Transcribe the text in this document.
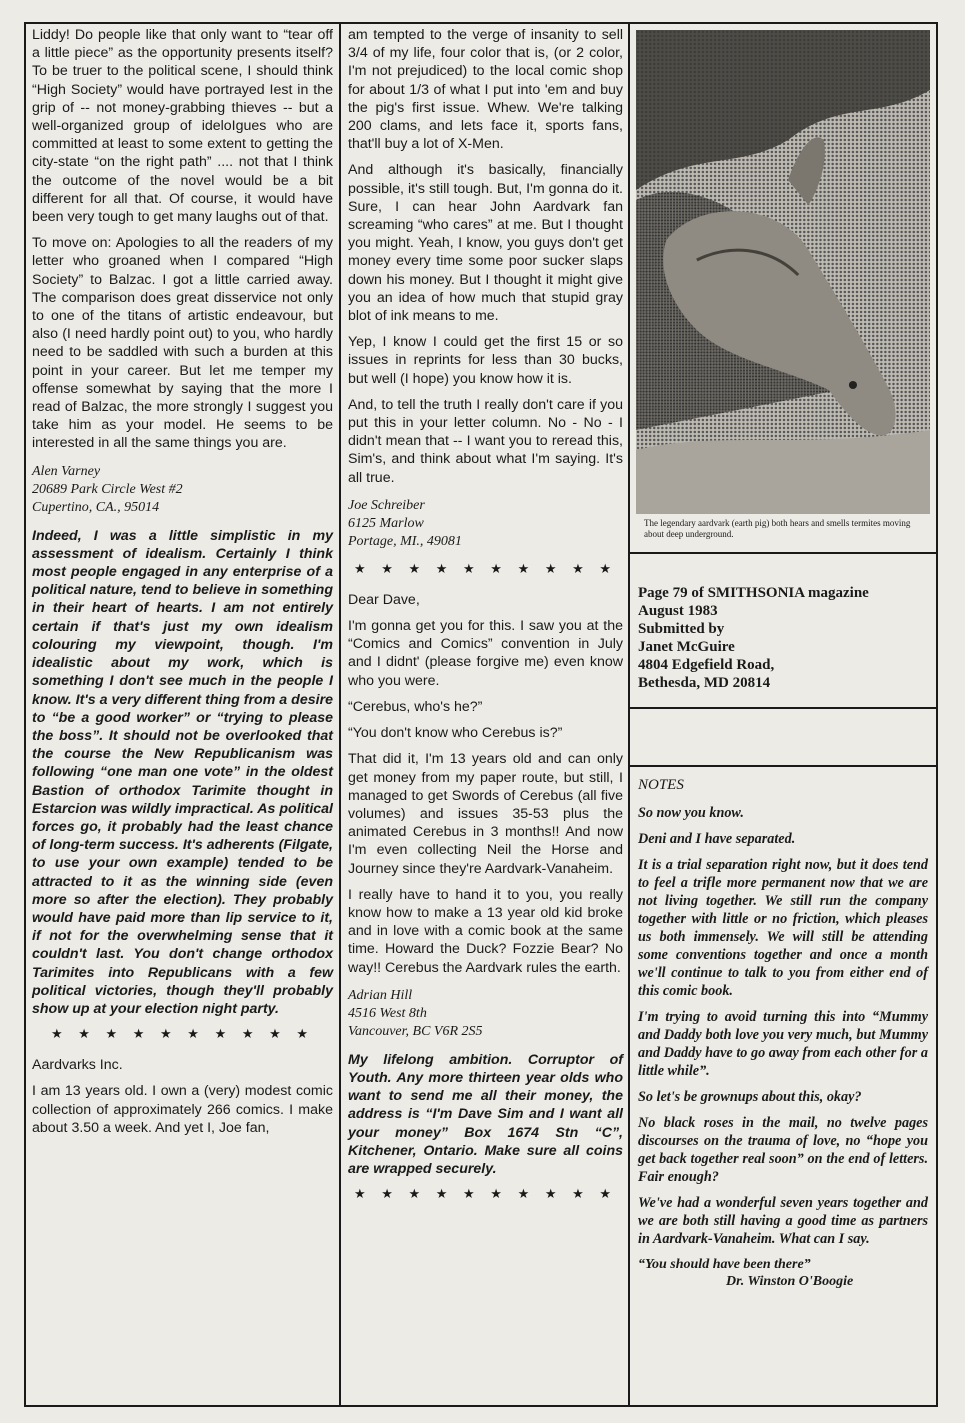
Liddy! Do people like that only want to “tear off a little piece” as the opportunity presents itself? To be truer to the political scene, I should think “High Society” would have portrayed Iest in the grip of -- not money-grabbing thieves -- but a well-organized group of ideloIgues who are committed at least to some extent to getting the city-state “on the right path” .... not that I think the outcome of the novel would be a bit different for all that. Of course, it would have been very tough to get many laughs out of that.

To move on: Apologies to all the readers of my letter who groaned when I compared “High Society” to Balzac. I got a little carried away. The comparison does great disservice not only to one of the titans of artistic endeavour, but also (I need hardly point out) to you, who hardly need to be saddled with such a burden at this point in your career. But let me temper my offense somewhat by saying that the more I read of Balzac, the more strongly I suggest you take him as your model. He seems to be interested in all the same things you are.

Alen Varney
20689 Park Circle West #2
Cupertino, CA., 95014

Indeed, I was a little simplistic in my assessment of idealism. Certainly I think most people engaged in any enterprise of a political nature, tend to believe in something in their heart of hearts. I am not entirely certain if that's just my own idealism colouring my viewpoint, though. I'm idealistic about my work, which is something I don't see much in the people I know. It's a very different thing from a desire to “be a good worker” or “trying to please the boss”. It should not be overlooked that the course the New Republicanism was following “one man one vote” in the oldest Bastion of orthodox Tarimite thought in Estarcion was wildly impractical. As political forces go, it probably had the least chance of long-term success. It's adherents (Filgate, to use your own example) tended to be attracted to it as the winning side (even more so after the election). They probably would have paid more than lip service to it, if not for the overwhelming sense that it couldn't last. You don't change orthodox Tarimites into Republicans with a few political victories, though they'll probably show up at your election night party.

★ ★ ★ ★ ★ ★ ★ ★ ★ ★

Aardvarks Inc.

I am 13 years old. I own a (very) modest comic collection of approximately 266 comics. I make about 3.50 a week. And yet I, Joe fan,

am tempted to the verge of insanity to sell 3/4 of my life, four color that is, (or 2 color, I'm not prejudiced) to the local comic shop for about 1/3 of what I put into 'em and buy the pig's first issue. Whew. We're talking 200 clams, and lets face it, sports fans, that'll buy a lot of X-Men.

And although it's basically, financially possible, it's still tough. But, I'm gonna do it. Sure, I can hear John Aardvark fan screaming “who cares” at me. But I thought you might. Yeah, I know, you guys don't get money every time some poor sucker slaps down his money. But I thought it might give you an idea of how much that stupid gray blot of ink means to me.

Yep, I know I could get the first 15 or so issues in reprints for less than 30 bucks, but well (I hope) you know how it is.

And, to tell the truth I really don't care if you put this in your letter column. No - No - I didn't mean that -- I want you to reread this, Sim's, and think about what I'm saying. It's all true.

Joe Schreiber
6125 Marlow
Portage, MI., 49081
★ ★ ★ ★ ★ ★ ★ ★ ★ ★

Dear Dave,

I'm gonna get you for this. I saw you at the “Comics and Comics” convention in July and I didnt' (please forgive me) even know who you were.

“Cerebus, who's he?”

“You don't know who Cerebus is?”

That did it, I'm 13 years old and can only get money from my paper route, but still, I managed to get Swords of Cerebus (all five volumes) and issues 35-53 plus the animated Cerebus in 3 months!! And now I'm even collecting Neil the Horse and Journey since they're Aardvark-Vanaheim.

I really have to hand it to you, you really know how to make a 13 year old kid broke and in love with a comic book at the same time. Howard the Duck? Fozzie Bear? No way!! Cerebus the Aardvark rules the earth.

Adrian Hill
4516 West 8th
Vancouver, BC V6R 2S5

My lifelong ambition. Corruptor of Youth. Any more thirteen year olds who want to send me all their money, the address is “I'm Dave Sim and I want all your money” Box 1674 Stn “C”, Kitchener, Ontario. Make sure all coins are wrapped securely.

★ ★ ★ ★ ★ ★ ★ ★ ★ ★
The legendary aardvark (earth pig) both hears and smells termites moving about deep underground.
Page 79 of SMITHSONIA magazine
August 1983
Submitted by
Janet McGuire
4804 Edgefield Road,
Bethesda, MD 20814
NOTES

So now you know.

Deni and I have separated.

It is a trial separation right now, but it does tend to feel a trifle more permanent now that we are not living together. We still run the company together with little or no friction, which pleases us both immensely. We will still be attending some conventions together and once a month we'll continue to talk to you from either end of this comic book.

I'm trying to avoid turning this into “Mummy and Daddy both love you very much, but Mummy and Daddy have to go away from each other for a little while”.

So let's be grownups about this, okay?

No black roses in the mail, no twelve pages discourses on the trauma of love, no “hope you get back together real soon” on the end of letters. Fair enough?

We've had a wonderful seven years together and we are both still having a good time as partners in Aardvark-Vanaheim. What can I say.

“You should have been there”
Dr. Winston O'Boogie
